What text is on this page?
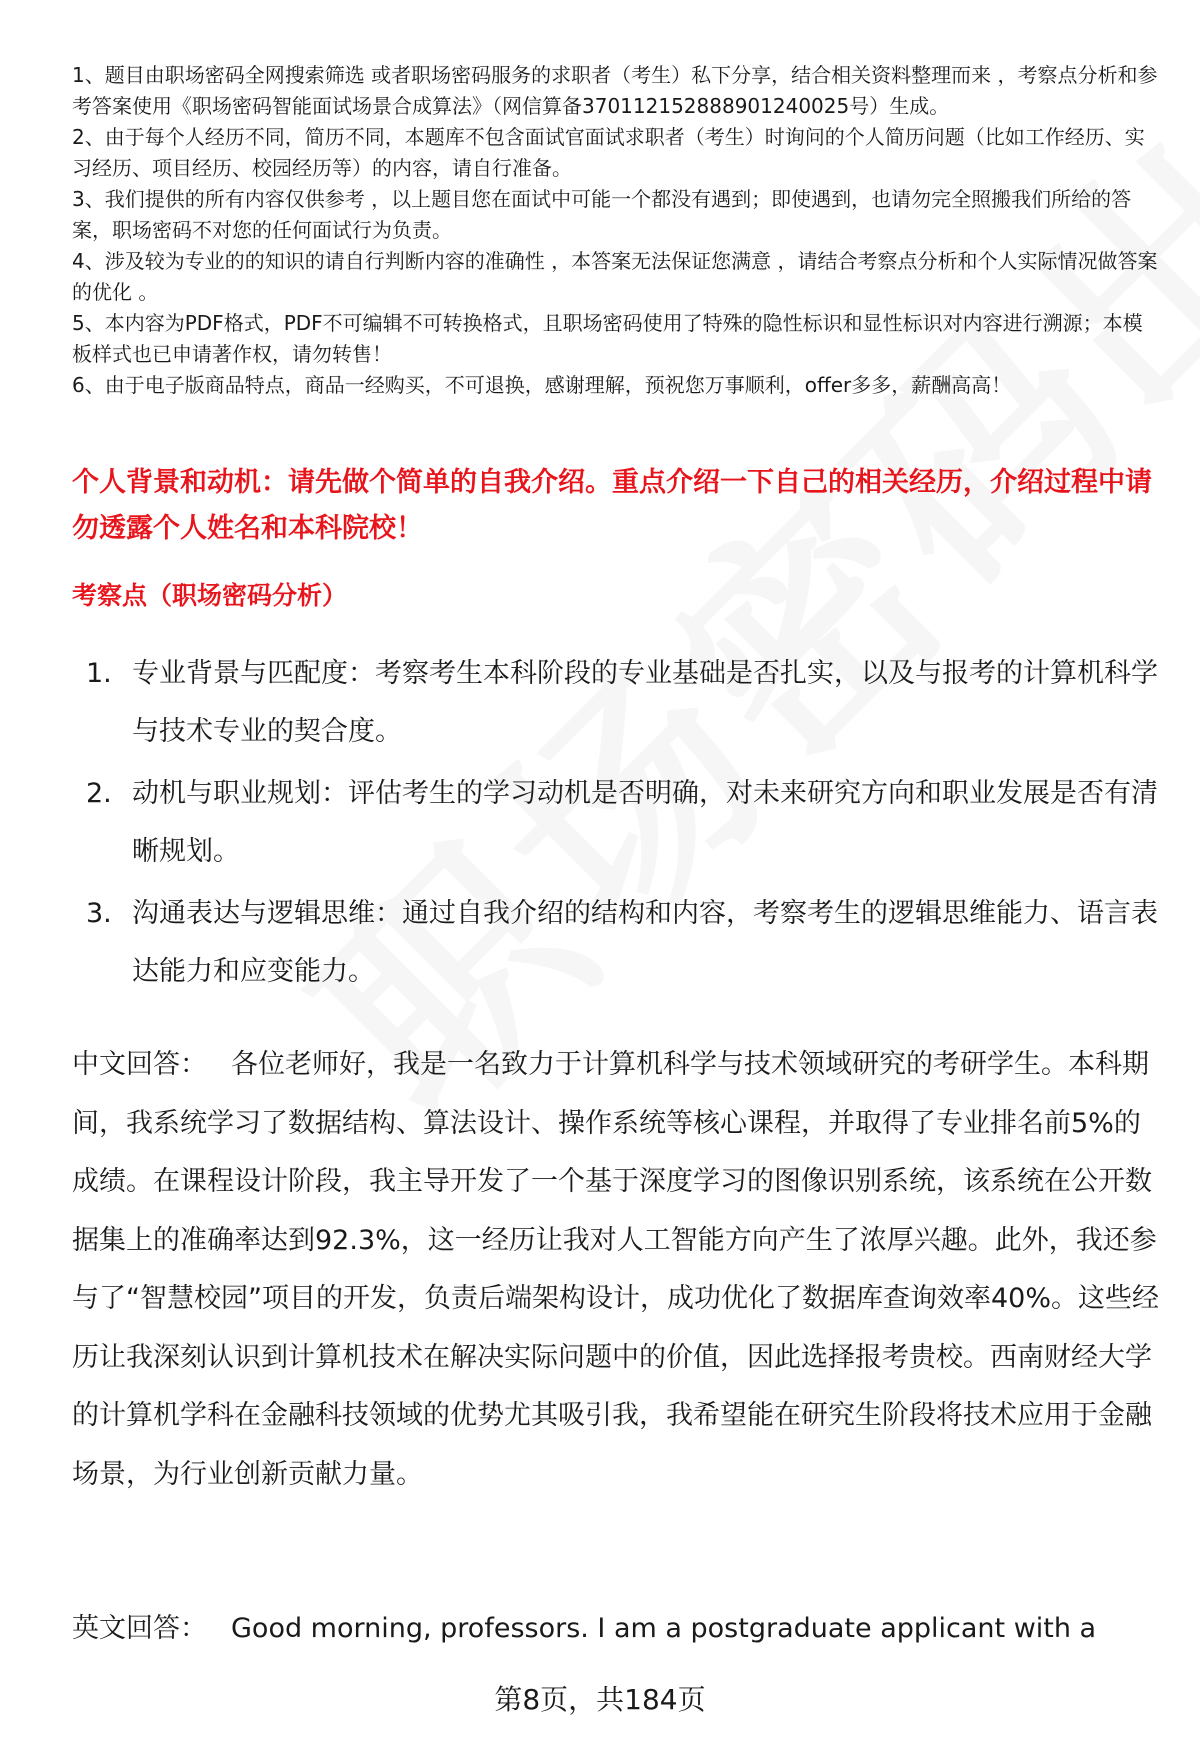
1、题目由职场密码全网搜索筛选 或者职场密码服务的求职者（考生）私下分享，结合相关资料整理而来 ，考察点分析和参考答案使用《职场密码智能面试场景合成算法》（网信算备370112152888901240025号）生成。

2、由于每个人经历不同，简历不同，本题库不包含面试官面试求职者（考生）时询问的个人简历问题（比如工作经历、实习经历、项目经历、校园经历等）的内容，请自行准备。

3、我们提供的所有内容仅供参考 ，以上题目您在面试中可能一个都没有遇到；即使遇到，也请勿完全照搬我们所给的答案，职场密码不对您的任何面试行为负责。

4、涉及较为专业的的知识的请自行判断内容的准确性 ，本答案无法保证您满意 ，请结合考察点分析和个人实际情况做答案的优化 。

5、本内容为PDF格式，PDF不可编辑不可转换格式，且职场密码使用了特殊的隐性标识和显性标识对内容进行溯源；本模板样式也已申请著作权，请勿转售！

6、由于电子版商品特点，商品一经购买，不可退换，感谢理解，预祝您万事顺利，offer多多，薪酬高高！

个人背景和动机：请先做个简单的自我介绍。重点介绍一下自己的相关经历，介绍过程中请勿透露个人姓名和本科院校！
考察点（职场密码分析）
1. 专业背景与匹配度：考察考生本科阶段的专业基础是否扎实，以及与报考的计算机科学与技术专业的契合度。
2. 动机与职业规划：评估考生的学习动机是否明确，对未来研究方向和职业发展是否有清晰规划。
3. 沟通表达与逻辑思维：通过自我介绍的结构和内容，考察考生的逻辑思维能力、语言表达能力和应变能力。

中文回答： 各位老师好，我是一名致力于计算机科学与技术领域研究的考研学生。本科期间，我系统学习了数据结构、算法设计、操作系统等核心课程，并取得了专业排名前5%的成绩。在课程设计阶段，我主导开发了一个基于深度学习的图像识别系统，该系统在公开数据集上的准确率达到92.3%，这一经历让我对人工智能方向产生了浓厚兴趣。此外，我还参与了“智慧校园”项目的开发，负责后端架构设计，成功优化了数据库查询效率40%。这些经历让我深刻认识到计算机技术在解决实际问题中的价值，因此选择报考贵校。西南财经大学的计算机学科在金融科技领域的优势尤其吸引我，我希望能在研究生阶段将技术应用于金融场景，为行业创新贡献力量。

英文回答： Good morning, professors. I am a postgraduate applicant with a

第8页，共184页
